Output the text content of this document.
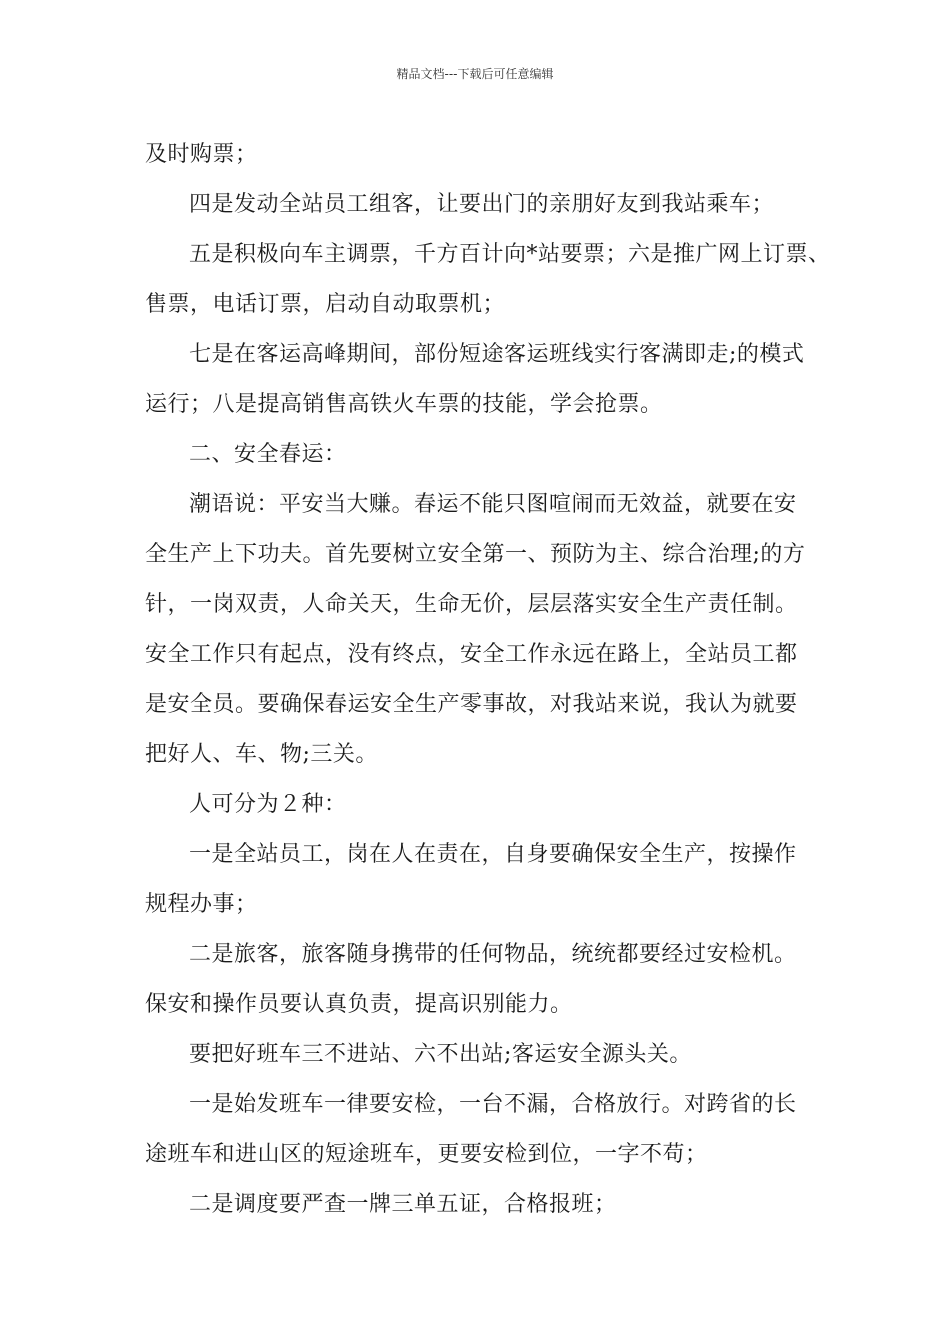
精品文档---下载后可任意编辑

及时购票；

四是发动全站员工组客，让要出门的亲朋好友到我站乘车；

五是积极向车主调票，千方百计向*站要票；六是推广网上订票、
售票，电话订票，启动自动取票机；

七是在客运高峰期间，部份短途客运班线实行客满即走;的模式
运行；八是提高销售高铁火车票的技能，学会抢票。

二、安全春运：

潮语说：平安当大赚。春运不能只图喧闹而无效益，就要在安
全生产上下功夫。首先要树立安全第一、预防为主、综合治理;的方
针，一岗双责，人命关天，生命无价，层层落实安全生产责任制。
安全工作只有起点，没有终点，安全工作永远在路上，全站员工都
是安全员。要确保春运安全生产零事故，对我站来说，我认为就要
把好人、车、物;三关。

人可分为２种：

一是全站员工，岗在人在责在，自身要确保安全生产，按操作
规程办事；

二是旅客，旅客随身携带的任何物品，统统都要经过安检机。
保安和操作员要认真负责，提高识别能力。

要把好班车三不进站、六不出站;客运安全源头关。

一是始发班车一律要安检，一台不漏，合格放行。对跨省的长
途班车和进山区的短途班车，更要安检到位，一字不苟；

二是调度要严查一牌三单五证，合格报班；
